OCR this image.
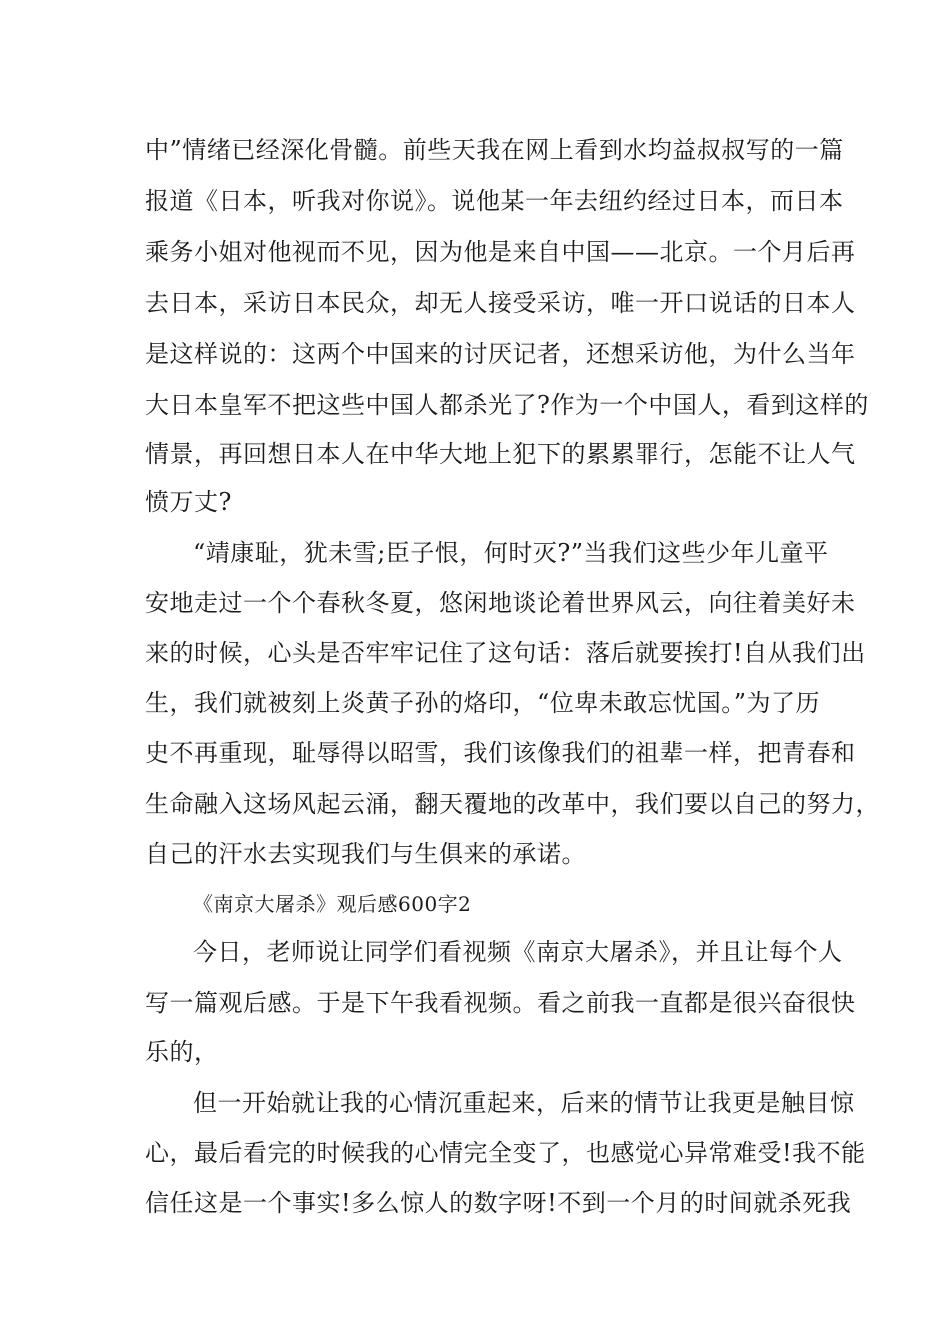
中”情绪已经深化骨髓。前些天我在网上看到水均益叔叔写的一篇
报道《日本，听我对你说》。说他某一年去纽约经过日本，而日本
乘务小姐对他视而不见，因为他是来自中国——北京。一个月后再
去日本，采访日本民众，却无人接受采访，唯一开口说话的日本人
是这样说的：这两个中国来的讨厌记者，还想采访他，为什么当年
大日本皇军不把这些中国人都杀光了?作为一个中国人，看到这样的
情景，再回想日本人在中华大地上犯下的累累罪行，怎能不让人气
愤万丈?
“靖康耻，犹未雪;臣子恨，何时灭?”当我们这些少年儿童平
安地走过一个个春秋冬夏，悠闲地谈论着世界风云，向往着美好未
来的时候，心头是否牢牢记住了这句话：落后就要挨打!自从我们出
生，我们就被刻上炎黄子孙的烙印，“位卑未敢忘忧国。”为了历
史不再重现，耻辱得以昭雪，我们该像我们的祖辈一样，把青春和
生命融入这场风起云涌，翻天覆地的改革中，我们要以自己的努力，
自己的汗水去实现我们与生俱来的承诺。
《南京大屠杀》观后感600字2
今日，老师说让同学们看视频《南京大屠杀》，并且让每个人
写一篇观后感。于是下午我看视频。看之前我一直都是很兴奋很快
乐的，
但一开始就让我的心情沉重起来，后来的情节让我更是触目惊
心，最后看完的时候我的心情完全变了，也感觉心异常难受!我不能
信任这是一个事实!多么惊人的数字呀!不到一个月的时间就杀死我
